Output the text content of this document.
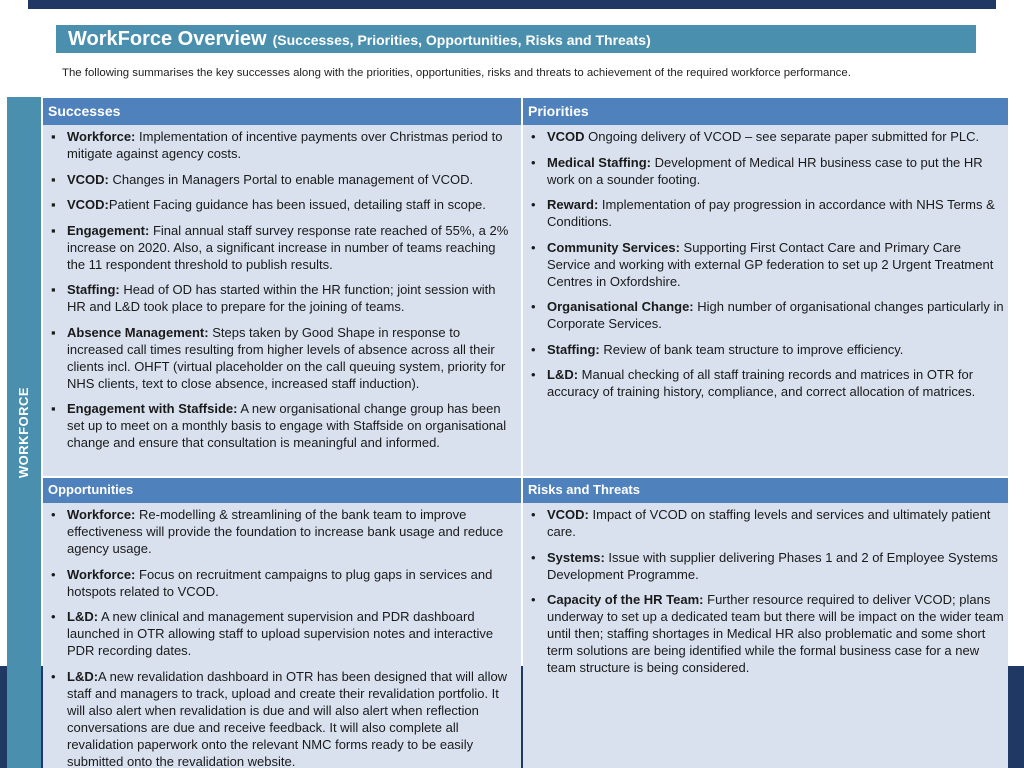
WorkForce Overview (Successes, Priorities, Opportunities, Risks and Threats)
The following summarises the key successes along with the priorities, opportunities, risks and threats to achievement of the required workforce performance.
WORKFORCE
Successes
▪ Workforce: Implementation of incentive payments over Christmas period to mitigate against agency costs.
▪ VCOD: Changes in Managers Portal to enable management of VCOD.
▪ VCOD:Patient Facing guidance has been issued, detailing staff in scope.
▪ Engagement: Final annual staff survey response rate reached of 55%, a 2% increase on 2020. Also, a significant increase in number of teams reaching the 11 respondent threshold to publish results.
▪ Staffing: Head of OD has started within the HR function; joint session with HR and L&D took place to prepare for the joining of teams.
▪ Absence Management: Steps taken by Good Shape in response to increased call times resulting from higher levels of absence across all their clients incl. OHFT (virtual placeholder on the call queuing system, priority for NHS clients, text to close absence, increased staff induction).
▪ Engagement with Staffside: A new organisational change group has been set up to meet on a monthly basis to engage with Staffside on organisational change and ensure that consultation is meaningful and informed.
Priorities
• VCOD Ongoing delivery of VCOD – see separate paper submitted for PLC.
• Medical Staffing: Development of Medical HR business case to put the HR work on a sounder footing.
• Reward: Implementation of pay progression in accordance with NHS Terms & Conditions.
• Community Services: Supporting First Contact Care and Primary Care Service and working with external GP federation to set up 2 Urgent Treatment Centres in Oxfordshire.
• Organisational Change: High number of organisational changes particularly in Corporate Services.
• Staffing: Review of bank team structure to improve efficiency.
• L&D: Manual checking of all staff training records and matrices in OTR for accuracy of training history, compliance, and correct allocation of matrices.
Opportunities
• Workforce: Re-modelling & streamlining of the bank team to improve effectiveness will provide the foundation to increase bank usage and reduce agency usage.
• Workforce: Focus on recruitment campaigns to plug gaps in services and hotspots related to VCOD.
• L&D: A new clinical and management supervision and PDR dashboard launched in OTR allowing staff to upload supervision notes and interactive PDR recording dates.
• L&D:A new revalidation dashboard in OTR has been designed that will allow staff and managers to track, upload and create their revalidation portfolio. It will also alert when revalidation is due and will also alert when reflection conversations are due and receive feedback. It will also complete all revalidation paperwork onto the relevant NMC forms ready to be easily submitted onto the revalidation website.
Risks and Threats
• VCOD: Impact of VCOD on staffing levels and services and ultimately patient care.
• Systems: Issue with supplier delivering Phases 1 and 2 of Employee Systems Development Programme.
• Capacity of the HR Team: Further resource required to deliver VCOD; plans underway to set up a dedicated team but there will be impact on the wider team until then; staffing shortages in Medical HR also problematic and some short term solutions are being identified while the formal business case for a new team structure is being considered.
